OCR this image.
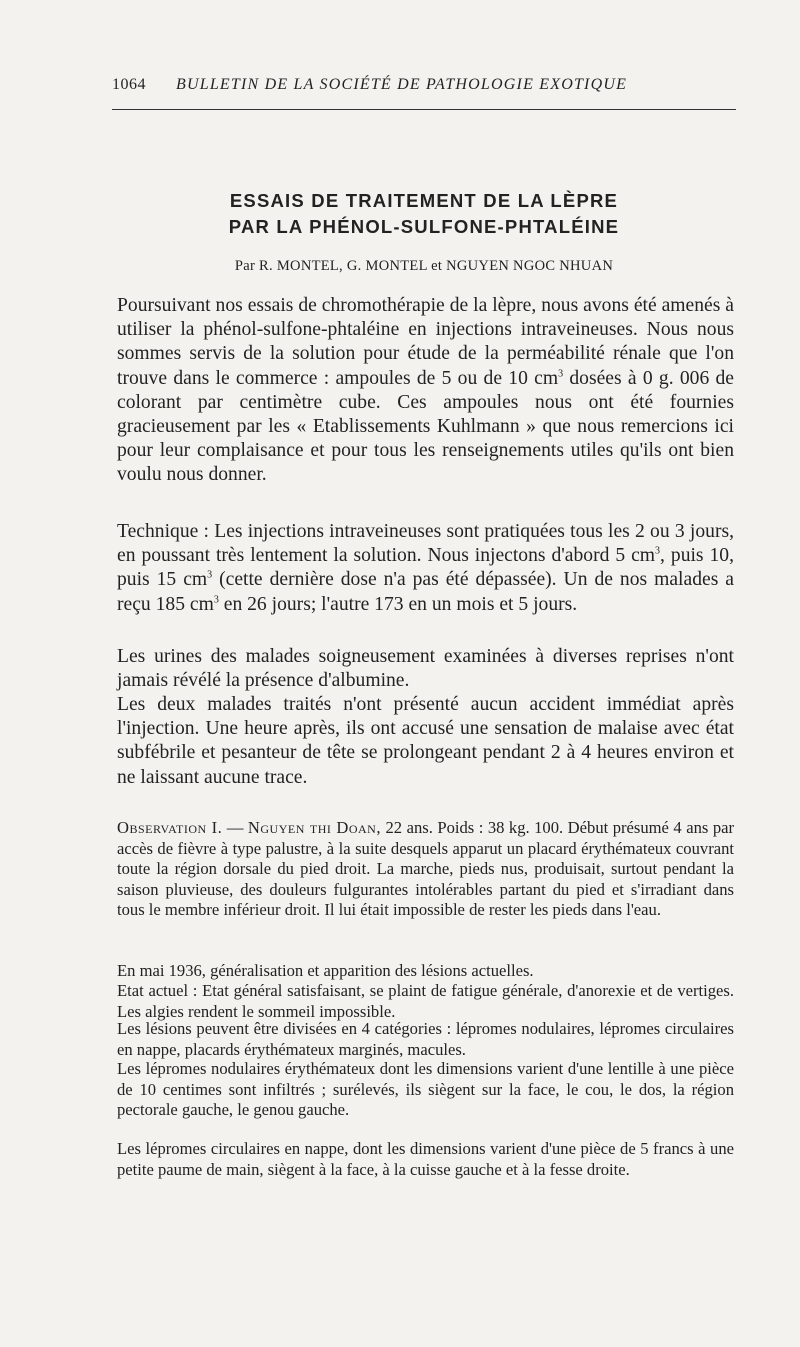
1064	BULLETIN DE LA SOCIÉTÉ DE PATHOLOGIE EXOTIQUE
ESSAIS DE TRAITEMENT DE LA LÈPRE
PAR LA PHÉNOL-SULFONE-PHTALÉINE
Par R. MONTEL, G. MONTEL et NGUYEN NGOC NHUAN

Poursuivant nos essais de chromothérapie de la lèpre, nous avons été amenés à utiliser la phénol-sulfone-phtaléine en injections intraveineuses. Nous nous sommes servis de la solution pour étude de la perméabilité rénale que l'on trouve dans le commerce : ampoules de 5 ou de 10 $cm^3$ dosées à 0 g. 006 de colorant par centimètre cube. Ces ampoules nous ont été fournies gracieusement par les « Etablissements Kuhlmann » que nous remercions ici pour leur complaisance et pour tous les renseignements utiles qu'ils ont bien voulu nous donner.

Technique : Les injections intraveineuses sont pratiquées tous les 2 ou 3 jours, en poussant très lentement la solution. Nous injectons d'abord 5 $cm^3$, puis 10, puis 15 $cm^3$ (cette dernière dose n'a pas été dépassée). Un de nos malades a reçu 185 $cm^3$ en 26 jours; l'autre 173 en un mois et 5 jours.

Les urines des malades soigneusement examinées à diverses reprises n'ont jamais révélé la présence d'albumine.

Les deux malades traités n'ont présenté aucun accident immédiat après l'injection. Une heure après, ils ont accusé une sensation de malaise avec état subfébrile et pesanteur de tête se prolongeant pendant 2 à 4 heures environ et ne laissant aucune trace.

Observation I. — Nguyen thi Doan, 22 ans. Poids : 38 kg. 100. Début présumé 4 ans par accès de fièvre à type palustre, à la suite desquels apparut un placard érythémateux couvrant toute la région dorsale du pied droit. La marche, pieds nus, produisait, surtout pendant la saison pluvieuse, des douleurs fulgurantes intolérables partant du pied et s'irradiant dans tous le membre inférieur droit. Il lui était impossible de rester les pieds dans l'eau.

En mai 1936, généralisation et apparition des lésions actuelles.

Etat actuel : Etat général satisfaisant, se plaint de fatigue générale, d'anorexie et de vertiges. Les algies rendent le sommeil impossible.

Les lésions peuvent être divisées en 4 catégories : lépromes nodulaires, lépromes circulaires en nappe, placards érythémateux marginés, macules.

Les lépromes nodulaires érythémateux dont les dimensions varient d'une lentille à une pièce de 10 centimes sont infiltrés ; surélevés, ils siègent sur la face, le cou, le dos, la région pectorale gauche, le genou gauche.

Les lépromes circulaires en nappe, dont les dimensions varient d'une pièce de 5 francs à une petite paume de main, siègent à la face, à la cuisse gauche et à la fesse droite.
